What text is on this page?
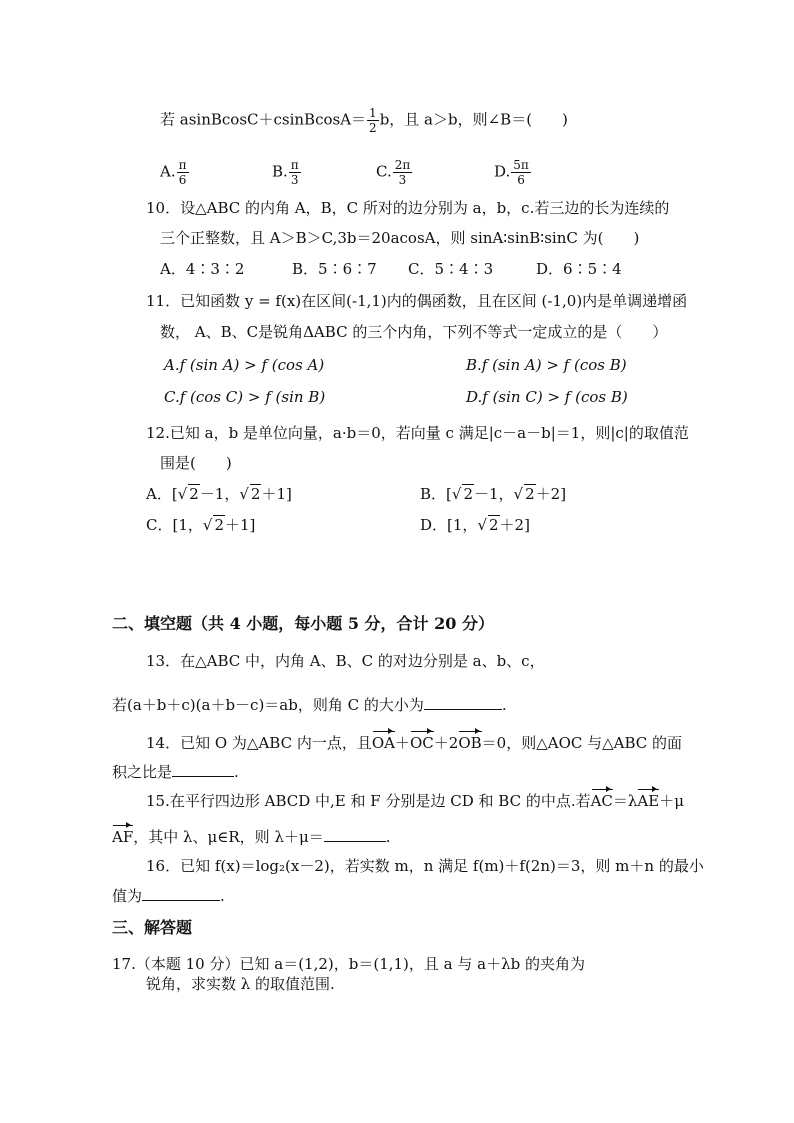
若 asinBcosC＋csinBcosA＝ $\frac{1}{2}$ b，且 a＞b，则∠B＝(　　)
A. $\frac{\pi}{6}$	B. $\frac{\pi}{3}$	C. $\frac{2\pi}{3}$	D. $\frac{5\pi}{6}$
10．设△ABC 的内角 A，B，C 所对的边分别为 a，b，c.若三边的长为连续的
三个正整数，且 A＞B＞C,3b＝20acosA，则 sinA∶sinB∶sinC 为(　　)
A．4∶3∶2	B．5∶6∶7 C．5∶4∶3	D．6∶5∶4
11．已知函数 y = f(x)在区间(-1,1)内的偶函数，且在区间 (-1,0)内是单调递增函
数， A、B、C是锐角ΔABC 的三个内角，下列不等式一定成立的是（　　）
A.f (sin A) > f (cos A)	B.f (sin A) > f (cos B)
C.f (cos C) > f (sin B)	D.f (sin C) > f (cos B)
12.已知 a，b 是单位向量，a·b＝0，若向量 c 满足|c－a－b|＝1，则|c|的取值范
围是(　　)
A．[√ 2－1，√ 2＋1]	B．[√ 2－1，√ 2＋2]
C．[1，√ 2＋1]	D．[1，√ 2＋2]
二、填空题（共 4 小题，每小题 5 分，合计 20 分）
13．在△ABC 中，内角 A、B、C 的对边分别是 a、b、c，
若(a＋b＋c)(a＋b－c)＝ab，则角 C 的大小为	.
14．已知 O 为△ABC 内一点，且OA＋OC＋2OB＝0，则△AOC 与△ABC 的面
积之比是	.
15.在平行四边形 ABCD 中,E 和 F 分别是边 CD 和 BC 的中点.若AC＝λAE＋μ
AF，其中 λ、μ∈R，则 λ＋μ＝	.
16．已知 f(x)＝log₂(x－2)，若实数 m，n 满足 f(m)＋f(2n)＝3，则 m＋n 的最小
值为	.
三、解答题
17.（本题 10 分）已知 a＝(1,2)，b＝(1,1)，且 a 与 a＋λb 的夹角为
锐角，求实数 λ 的取值范围.
